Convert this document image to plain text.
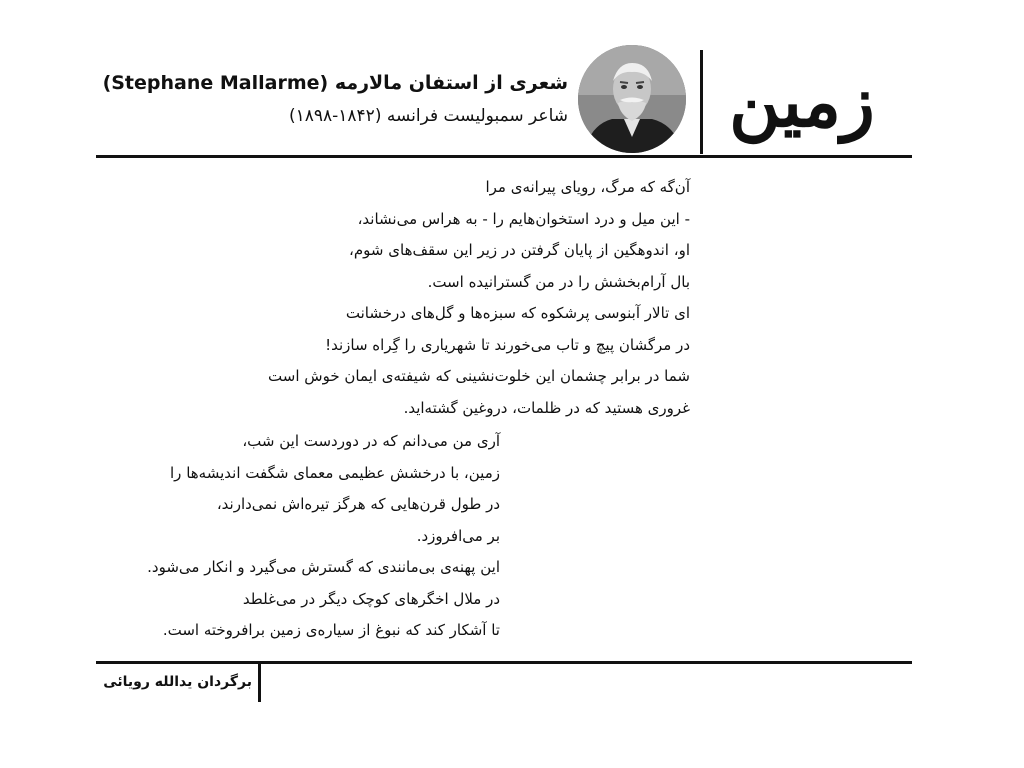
زمین
شعری از استفان مالارمه (Stephane Mallarme)
شاعر سمبولیست فرانسه (۱۸۴۲-۱۸۹۸)
آن‌گه که مرگ، رویای پیرانه‌ی مرا
- این میل و درد استخوان‌هایم را - به هراس می‌نشاند،
او، اندوهگین از پایان گرفتن در زیر این سقف‌های شوم،
بال آرام‌بخشش را در من گسترانیده است.
ای تالار آبنوسی پرشکوه که سبزه‌ها و گل‌های درخشانت
در مرگشان پیچ و تاب می‌خورند تا شهریاری را گِراه سازند!
شما در برابر چشمان این خلوت‌نشینی که شیفته‌ی ایمان خوش است
غروری هستید که در ظلمات، دروغین گشته‌اید.
آری من می‌دانم که در دوردست این شب،
زمین، با درخشش عظیمی معمای شگفت اندیشه‌ها را
در طول قرن‌هایی که هرگز تیره‌اش نمی‌دارند،
بر می‌افروزد.
این پهنه‌ی بی‌مانندی که گسترش می‌گیرد و انکار می‌شود.
در ملال اخگرهای کوچک دیگر در می‌غلطد
تا آشکار کند که نبوغ از سیاره‌ی زمین برافروخته است.
برگردان یدالله رویائی
